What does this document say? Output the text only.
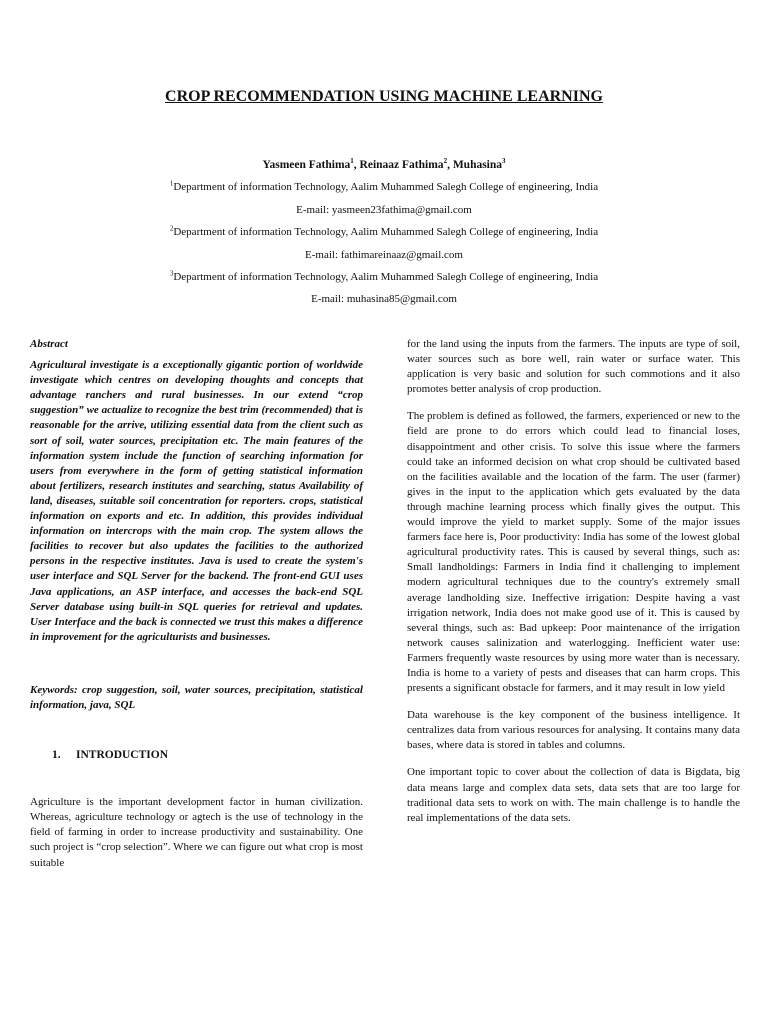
CROP RECOMMENDATION USING MACHINE LEARNING
Yasmeen Fathima$^1$, Reinaaz Fathima$^2$, Muhasina$^3$
$^1$Department of information Technology, Aalim Muhammed Salegh College of engineering, India
E-mail: yasmeen23fathima@gmail.com
$^2$Department of information Technology, Aalim Muhammed Salegh College of engineering, India
E-mail: fathimareinaaz@gmail.com
$^3$Department of information Technology, Aalim Muhammed Salegh College of engineering, India
E-mail: muhasina85@gmail.com

Abstract

Agricultural investigate is a exceptionally gigantic portion of worldwide investigate which centres on developing thoughts and concepts that advantage ranchers and rural businesses. In our extend “crop suggestion” we actualize to recognize the best trim (recommended) that is reasonable for the arrive, utilizing essential data from the client such as sort of soil, water sources, precipitation etc. The main features of the information system include the function of searching information for users from everywhere in the form of getting statistical information about fertilizers, research institutes and searching, status Availability of land, diseases, suitable soil concentration for reporters. crops, statistical information on exports and etc. In addition, this provides individual information on intercrops with the main crop. The system allows the facilities to recover but also updates the facilities to the authorized persons in the respective institutes. Java is used to create the system's user interface and SQL Server for the backend. The front-end GUI uses Java applications, an ASP interface, and accesses the back-end SQL Server database using built-in SQL queries for retrieval and updates. User Interface and the back is connected we trust this makes a difference in improvement for the agriculturists and businesses.

Keywords: crop suggestion, soil, water sources, precipitation, statistical information, java, SQL

1. INTRODUCTION

Agriculture is the important development factor in human civilization. Whereas, agriculture technology or agtech is the use of technology in the field of farming in order to increase productivity and sustainability. One such project is “crop selection”. Where we can figure out what crop is most suitable

for the land using the inputs from the farmers. The inputs are type of soil, water sources such as bore well, rain water or surface water. This application is very basic and solution for such commotions and it also promotes better analysis of crop production.

The problem is defined as followed, the farmers, experienced or new to the field are prone to do errors which could lead to financial loses, disappointment and other crisis. To solve this issue where the farmers could take an informed decision on what crop should be cultivated based on the facilities available and the location of the farm. The user (farmer) gives in the input to the application which gets evaluated by the data through machine learning process which finally gives the output. This would improve the yield to market supply. Some of the major issues farmers face here is, Poor productivity: India has some of the lowest global agricultural productivity rates. This is caused by several things, such as: Small landholdings: Farmers in India find it challenging to implement modern agricultural techniques due to the country's extremely small average landholding size. Ineffective irrigation: Despite having a vast irrigation network, India does not make good use of it. This is caused by several things, such as: Bad upkeep: Poor maintenance of the irrigation network causes salinization and waterlogging. Inefficient water use: Farmers frequently waste resources by using more water than is necessary. India is home to a variety of pests and diseases that can harm crops. This presents a significant obstacle for farmers, and it may result in low yield

Data warehouse is the key component of the business intelligence. It centralizes data from various resources for analysing. It contains many data bases, where data is stored in tables and columns.

One important topic to cover about the collection of data is Bigdata, big data means large and complex data sets, data sets that are too large for traditional data sets to work on with. The main challenge is to handle the real implementations of the data sets.
